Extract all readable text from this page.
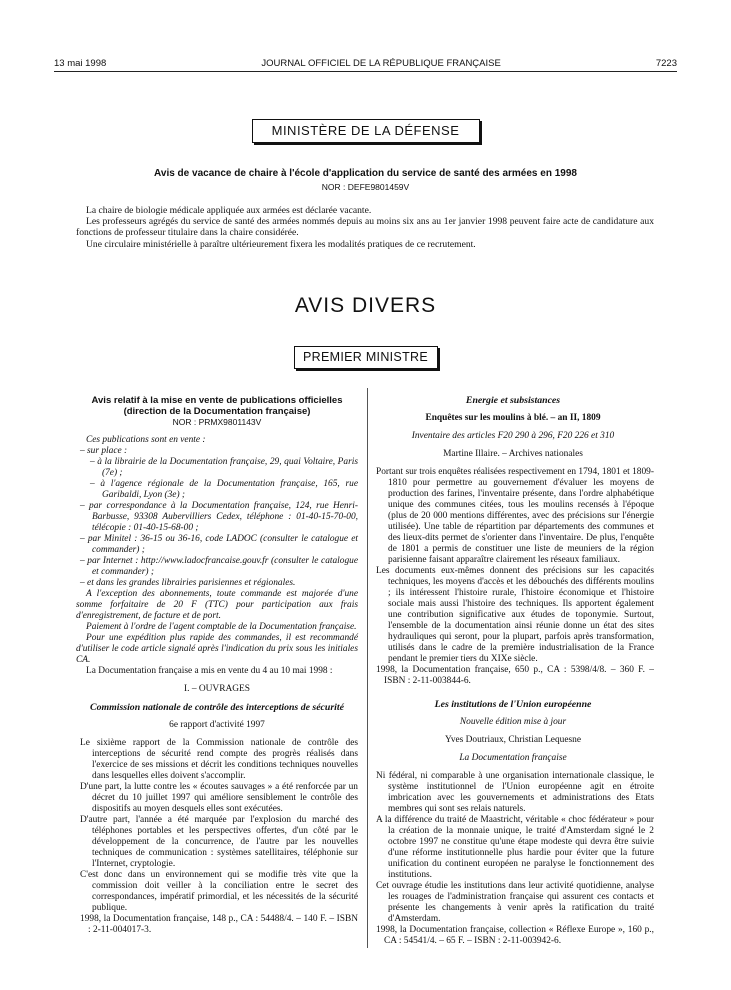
13 mai 1998	JOURNAL OFFICIEL DE LA RÉPUBLIQUE FRANÇAISE	7223
MINISTÈRE DE LA DÉFENSE
Avis de vacance de chaire à l'école d'application du service de santé des armées en 1998
NOR : DEFE9801459V
La chaire de biologie médicale appliquée aux armées est déclarée vacante.
Les professeurs agrégés du service de santé des armées nommés depuis au moins six ans au 1er janvier 1998 peuvent faire acte de candidature aux fonctions de professeur titulaire dans la chaire considérée.
Une circulaire ministérielle à paraître ultérieurement fixera les modalités pratiques de ce recrutement.
AVIS DIVERS
PREMIER MINISTRE
Avis relatif à la mise en vente de publications officielles (direction de la Documentation française)
NOR : PRMX9801143V
Ces publications sont en vente :
– sur place :
– à la librairie de la Documentation française, 29, quai Voltaire, Paris (7e) ;
– à l'agence régionale de la Documentation française, 165, rue Garibaldi, Lyon (3e) ;
– par correspondance à la Documentation française, 124, rue Henri-Barbusse, 93308 Aubervilliers Cedex, téléphone : 01-40-15-70-00, télécopie : 01-40-15-68-00 ;
– par Minitel : 36-15 ou 36-16, code LADOC (consulter le catalogue et commander) ;
– par Internet : http://www.ladocfrancaise.gouv.fr (consulter le catalogue et commander) ;
– et dans les grandes librairies parisiennes et régionales.
A l'exception des abonnements, toute commande est majorée d'une somme forfaitaire de 20 F (TTC) pour participation aux frais d'enregistrement, de facture et de port.
Paiement à l'ordre de l'agent comptable de la Documentation française.
Pour une expédition plus rapide des commandes, il est recommandé d'utiliser le code article signalé après l'indication du prix sous les initiales CA.
La Documentation française a mis en vente du 4 au 10 mai 1998 :
I. – OUVRAGES
Commission nationale de contrôle des interceptions de sécurité
6e rapport d'activité 1997
Le sixième rapport de la Commission nationale de contrôle des interceptions de sécurité rend compte des progrès réalisés dans l'exercice de ses missions et décrit les conditions techniques nouvelles dans lesquelles elles doivent s'accomplir.
D'une part, la lutte contre les « écoutes sauvages » a été renforcée par un décret du 10 juillet 1997 qui améliore sensiblement le contrôle des dispositifs au moyen desquels elles sont exécutées.
D'autre part, l'année a été marquée par l'explosion du marché des téléphones portables et les perspectives offertes, d'un côté par le développement de la concurrence, de l'autre par les nouvelles techniques de communication : systèmes satellitaires, téléphonie sur l'Internet, cryptologie.
C'est donc dans un environnement qui se modifie très vite que la commission doit veiller à la conciliation entre le secret des correspondances, impératif primordial, et les nécessités de la sécurité publique.
1998, la Documentation française, 148 p., CA : 54488/4. – 140 F. – ISBN : 2-11-004017-3.
Energie et subsistances
Enquêtes sur les moulins à blé. – an II, 1809
Inventaire des articles F20 290 à 296, F20 226 et 310
Martine Illaire. – Archives nationales
Portant sur trois enquêtes réalisées respectivement en 1794, 1801 et 1809-1810 pour permettre au gouvernement d'évaluer les moyens de production des farines, l'inventaire présente, dans l'ordre alphabétique unique des communes citées, tous les moulins recensés à l'époque (plus de 20 000 mentions différentes, avec des précisions sur l'énergie utilisée). Une table de répartition par départements des communes et des lieux-dits permet de s'orienter dans l'inventaire. De plus, l'enquête de 1801 a permis de constituer une liste de meuniers de la région parisienne faisant apparaître clairement les réseaux familiaux.
Les documents eux-mêmes donnent des précisions sur les capacités techniques, les moyens d'accès et les débouchés des différents moulins ; ils intéressent l'histoire rurale, l'histoire économique et l'histoire sociale mais aussi l'histoire des techniques. Ils apportent également une contribution significative aux études de toponymie. Surtout, l'ensemble de la documentation ainsi réunie donne un état des sites hydrauliques qui seront, pour la plupart, parfois après transformation, utilisés dans le cadre de la première industrialisation de la France pendant le premier tiers du XIXe siècle.
1998, la Documentation française, 650 p., CA : 5398/4/8. – 360 F. – ISBN : 2-11-003844-6.
Les institutions de l'Union européenne
Nouvelle édition mise à jour
Yves Doutriaux, Christian Lequesne
La Documentation française
Ni fédéral, ni comparable à une organisation internationale classique, le système institutionnel de l'Union européenne agit en étroite imbrication avec les gouvernements et administrations des Etats membres qui sont ses relais naturels.
A la différence du traité de Maastricht, véritable « choc fédérateur » pour la création de la monnaie unique, le traité d'Amsterdam signé le 2 octobre 1997 ne constitue qu'une étape modeste qui devra être suivie d'une réforme institutionnelle plus hardie pour éviter que la future unification du continent européen ne paralyse le fonctionnement des institutions.
Cet ouvrage étudie les institutions dans leur activité quotidienne, analyse les rouages de l'administration française qui assurent ces contacts et présente les changements à venir après la ratification du traité d'Amsterdam.
1998, la Documentation française, collection « Réflexe Europe », 160 p., CA : 54541/4. – 65 F. – ISBN : 2-11-003942-6.
